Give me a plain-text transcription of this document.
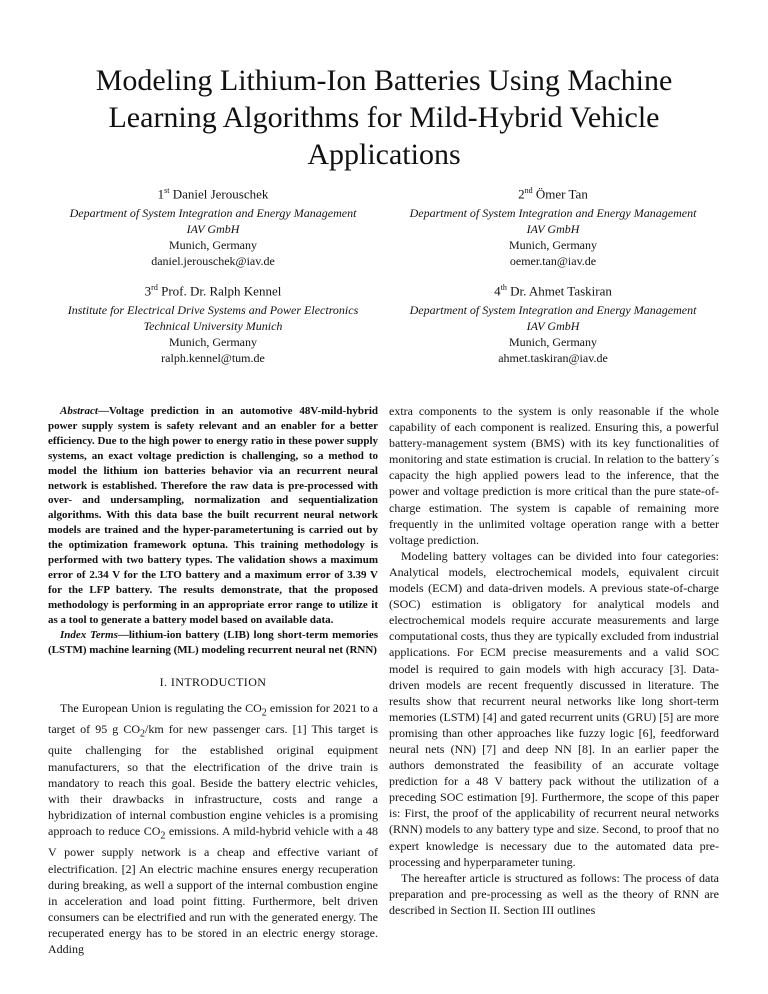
Modeling Lithium-Ion Batteries Using Machine
Learning Algorithms for Mild-Hybrid Vehicle
Applications
1st Daniel Jerouschek
Department of System Integration and Energy Management
IAV GmbH
Munich, Germany
daniel.jerouschek@iav.de
2nd Ömer Tan
Department of System Integration and Energy Management
IAV GmbH
Munich, Germany
oemer.tan@iav.de
3rd Prof. Dr. Ralph Kennel
Institute for Electrical Drive Systems and Power Electronics
Technical University Munich
Munich, Germany
ralph.kennel@tum.de
4th Dr. Ahmet Taskiran
Department of System Integration and Energy Management
IAV GmbH
Munich, Germany
ahmet.taskiran@iav.de

Abstract—Voltage prediction in an automotive 48V-mild-hybrid power supply system is safety relevant and an enabler for a better efficiency. Due to the high power to energy ratio in these power supply systems, an exact voltage prediction is challenging, so a method to model the lithium ion batteries behavior via an recurrent neural network is established. Therefore the raw data is pre-processed with over- and undersampling, normalization and sequentialization algorithms. With this data base the built recurrent neural network models are trained and the hyper-parametertuning is carried out by the optimization framework optuna. This training methodology is performed with two battery types. The validation shows a maximum error of 2.34 V for the LTO battery and a maximum error of 3.39 V for the LFP battery. The results demonstrate, that the proposed methodology is performing in an appropriate error range to utilize it as a tool to generate a battery model based on available data.

Index Terms—lithium-ion battery (LIB) long short-term memories (LSTM) machine learning (ML) modeling recurrent neural net (RNN)

I. INTRODUCTION

The European Union is regulating the $CO_2$ emission for 2021 to a target of 95 g $CO_2/km$ for new passenger cars. [1] This target is quite challenging for the established original equipment manufacturers, so that the electrification of the drive train is mandatory to reach this goal. Beside the battery electric vehicles, with their drawbacks in infrastructure, costs and range a hybridization of internal combustion engine vehicles is a promising approach to reduce $CO_2$ emissions. A mild-hybrid vehicle with a 48 V power supply network is a cheap and effective variant of electrification. [2] An electric machine ensures energy recuperation during breaking, as well a support of the internal combustion engine in acceleration and load point fitting. Furthermore, belt driven consumers can be electrified and run with the generated energy. The recuperated energy has to be stored in an electric energy storage. Adding

extra components to the system is only reasonable if the whole capability of each component is realized. Ensuring this, a powerful battery-management system (BMS) with its key functionalities of monitoring and state estimation is crucial. In relation to the battery´s capacity the high applied powers lead to the inference, that the power and voltage prediction is more critical than the pure state-of-charge estimation. The system is capable of remaining more frequently in the unlimited voltage operation range with a better voltage prediction.

Modeling battery voltages can be divided into four categories: Analytical models, electrochemical models, equivalent circuit models (ECM) and data-driven models. A previous state-of-charge (SOC) estimation is obligatory for analytical models and electrochemical models require accurate measurements and large computational costs, thus they are typically excluded from industrial applications. For ECM precise measurements and a valid SOC model is required to gain models with high accuracy [3]. Data-driven models are recent frequently discussed in literature. The results show that recurrent neural networks like long short-term memories (LSTM) [4] and gated recurrent units (GRU) [5] are more promising than other approaches like fuzzy logic [6], feedforward neural nets (NN) [7] and deep NN [8]. In an earlier paper the authors demonstrated the feasibility of an accurate voltage prediction for a 48 V battery pack without the utilization of a preceding SOC estimation [9]. Furthermore, the scope of this paper is: First, the proof of the applicability of recurrent neural networks (RNN) models to any battery type and size. Second, to proof that no expert knowledge is necessary due to the automated data pre-processing and hyperparameter tuning.

The hereafter article is structured as follows: The process of data preparation and pre-processing as well as the theory of RNN are described in Section II. Section III outlines
